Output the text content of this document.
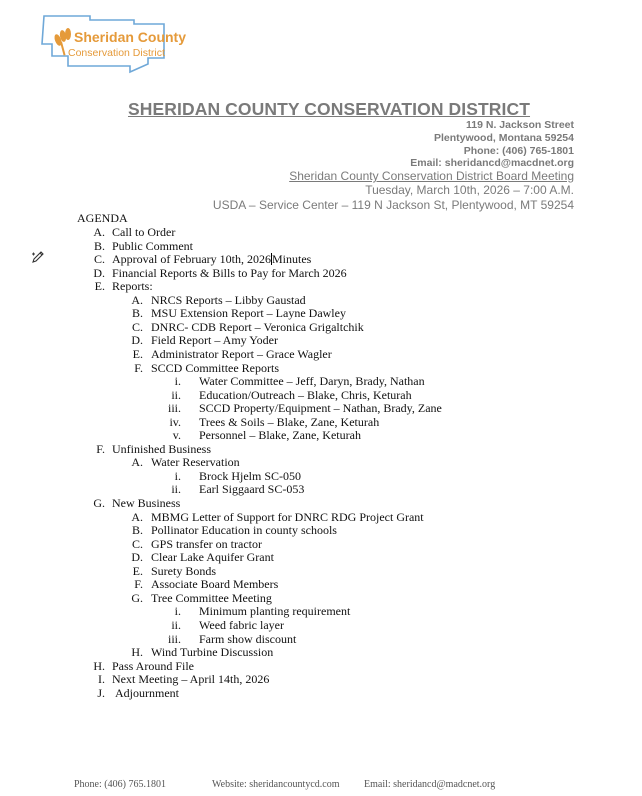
Sheridan County
Conservation District
SHERIDAN COUNTY CONSERVATION DISTRICT
119 N. Jackson Street
Plentywood, Montana 59254
Phone: (406) 765-1801
Email: sheridancd@macdnet.org
Sheridan County Conservation District Board Meeting
Tuesday, March 10th, 2026 – 7:00 A.M.
USDA – Service Center – 119 N Jackson St, Plentywood, MT 59254
AGENDA
A. Call to Order
B. Public Comment
C. Approval of February 10th, 2026Minutes
D. Financial Reports & Bills to Pay for March 2026
E. Reports:
A. NRCS Reports – Libby Gaustad
B. MSU Extension Report – Layne Dawley
C. DNRC- CDB Report – Veronica Grigaltchik
D. Field Report – Amy Yoder
E. Administrator Report – Grace Wagler
F. SCCD Committee Reports
i. Water Committee – Jeff, Daryn, Brady, Nathan
ii. Education/Outreach – Blake, Chris, Keturah
iii. SCCD Property/Equipment – Nathan, Brady, Zane
iv. Trees & Soils – Blake, Zane, Keturah
v. Personnel – Blake, Zane, Keturah
F. Unfinished Business
A. Water Reservation
i. Brock Hjelm SC-050
ii. Earl Siggaard SC-053
G. New Business
A. MBMG Letter of Support for DNRC RDG Project Grant
B. Pollinator Education in county schools
C. GPS transfer on tractor
D. Clear Lake Aquifer Grant
E. Surety Bonds
F. Associate Board Members
G. Tree Committee Meeting
i. Minimum planting requirement
ii. Weed fabric layer
iii. Farm show discount
H. Wind Turbine Discussion
H. Pass Around File
I. Next Meeting – April 14th, 2026
J. Adjournment
Phone: (406) 765.1801	Website: sheridancountycd.com Email: sheridancd@madcnet.org
